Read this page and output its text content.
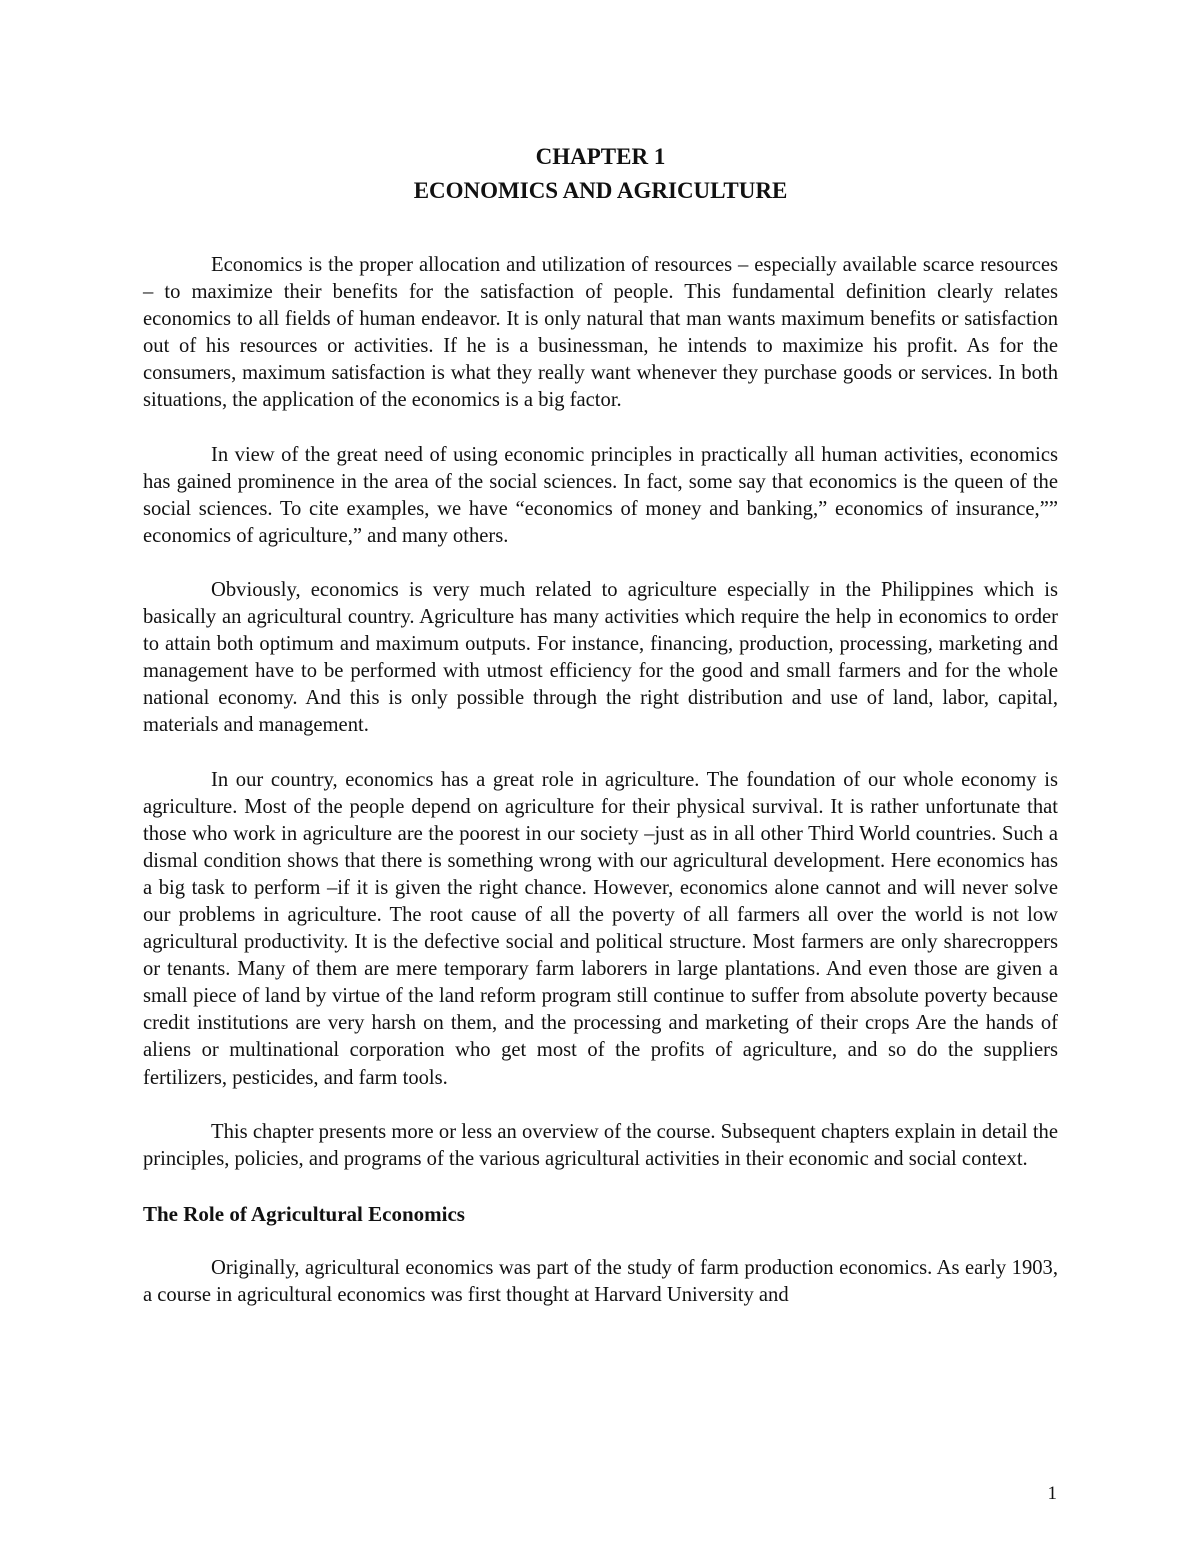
CHAPTER 1
ECONOMICS AND AGRICULTURE

Economics is the proper allocation and utilization of resources – especially available scarce resources – to maximize their benefits for the satisfaction of people. This fundamental definition clearly relates economics to all fields of human endeavor. It is only natural that man wants maximum benefits or satisfaction out of his resources or activities. If he is a businessman, he intends to maximize his profit. As for the consumers, maximum satisfaction is what they really want whenever they purchase goods or services. In both situations, the application of the economics is a big factor.

In view of the great need of using economic principles in practically all human activities, economics has gained prominence in the area of the social sciences. In fact, some say that economics is the queen of the social sciences. To cite examples, we have “economics of money and banking,” economics of insurance,”” economics of agriculture,” and many others.

Obviously, economics is very much related to agriculture especially in the Philippines which is basically an agricultural country. Agriculture has many activities which require the help in economics to order to attain both optimum and maximum outputs. For instance, financing, production, processing, marketing and management have to be performed with utmost efficiency for the good and small farmers and for the whole national economy. And this is only possible through the right distribution and use of land, labor, capital, materials and management.

In our country, economics has a great role in agriculture. The foundation of our whole economy is agriculture. Most of the people depend on agriculture for their physical survival. It is rather unfortunate that those who work in agriculture are the poorest in our society –just as in all other Third World countries. Such a dismal condition shows that there is something wrong with our agricultural development. Here economics has a big task to perform –if it is given the right chance. However, economics alone cannot and will never solve our problems in agriculture. The root cause of all the poverty of all farmers all over the world is not low agricultural productivity. It is the defective social and political structure. Most farmers are only sharecroppers or tenants. Many of them are mere temporary farm laborers in large plantations. And even those are given a small piece of land by virtue of the land reform program still continue to suffer from absolute poverty because credit institutions are very harsh on them, and the processing and marketing of their crops Are the hands of aliens or multinational corporation who get most of the profits of agriculture, and so do the suppliers fertilizers, pesticides, and farm tools.

This chapter presents more or less an overview of the course. Subsequent chapters explain in detail the principles, policies, and programs of the various agricultural activities in their economic and social context.

The Role of Agricultural Economics

Originally, agricultural economics was part of the study of farm production economics. As early 1903, a course in agricultural economics was first thought at Harvard University and

1
